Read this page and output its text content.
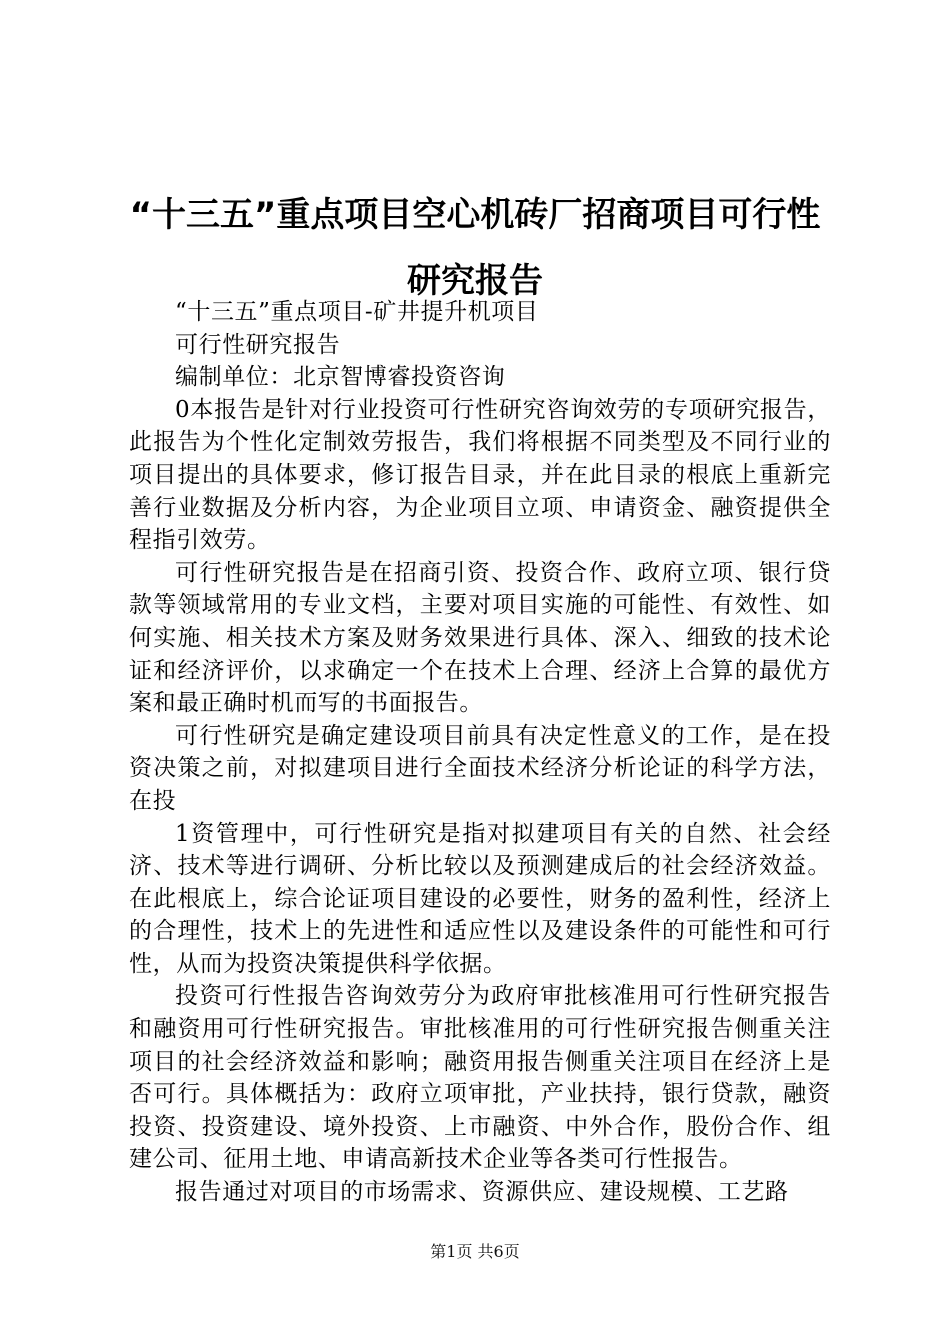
“十三五”重点项目空心机砖厂招商项目可行性研究报告

“十三五”重点项目-矿井提升机项目

可行性研究报告

编制单位：北京智博睿投资咨询

0本报告是针对行业投资可行性研究咨询效劳的专项研究报告，此报告为个性化定制效劳报告，我们将根据不同类型及不同行业的项目提出的具体要求，修订报告目录，并在此目录的根底上重新完善行业数据及分析内容，为企业项目立项、申请资金、融资提供全程指引效劳。

可行性研究报告是在招商引资、投资合作、政府立项、银行贷款等领域常用的专业文档，主要对项目实施的可能性、有效性、如何实施、相关技术方案及财务效果进行具体、深入、细致的技术论证和经济评价，以求确定一个在技术上合理、经济上合算的最优方案和最正确时机而写的书面报告。

可行性研究是确定建设项目前具有决定性意义的工作，是在投资决策之前，对拟建项目进行全面技术经济分析论证的科学方法，在投

1资管理中，可行性研究是指对拟建项目有关的自然、社会经济、技术等进行调研、分析比较以及预测建成后的社会经济效益。在此根底上，综合论证项目建设的必要性，财务的盈利性，经济上的合理性，技术上的先进性和适应性以及建设条件的可能性和可行性，从而为投资决策提供科学依据。

投资可行性报告咨询效劳分为政府审批核准用可行性研究报告和融资用可行性研究报告。审批核准用的可行性研究报告侧重关注项目的社会经济效益和影响；融资用报告侧重关注项目在经济上是否可行。具体概括为：政府立项审批，产业扶持，银行贷款，融资投资、投资建设、境外投资、上市融资、中外合作，股份合作、组建公司、征用土地、申请高新技术企业等各类可行性报告。

报告通过对项目的市场需求、资源供应、建设规模、工艺路

第1页 共6页
